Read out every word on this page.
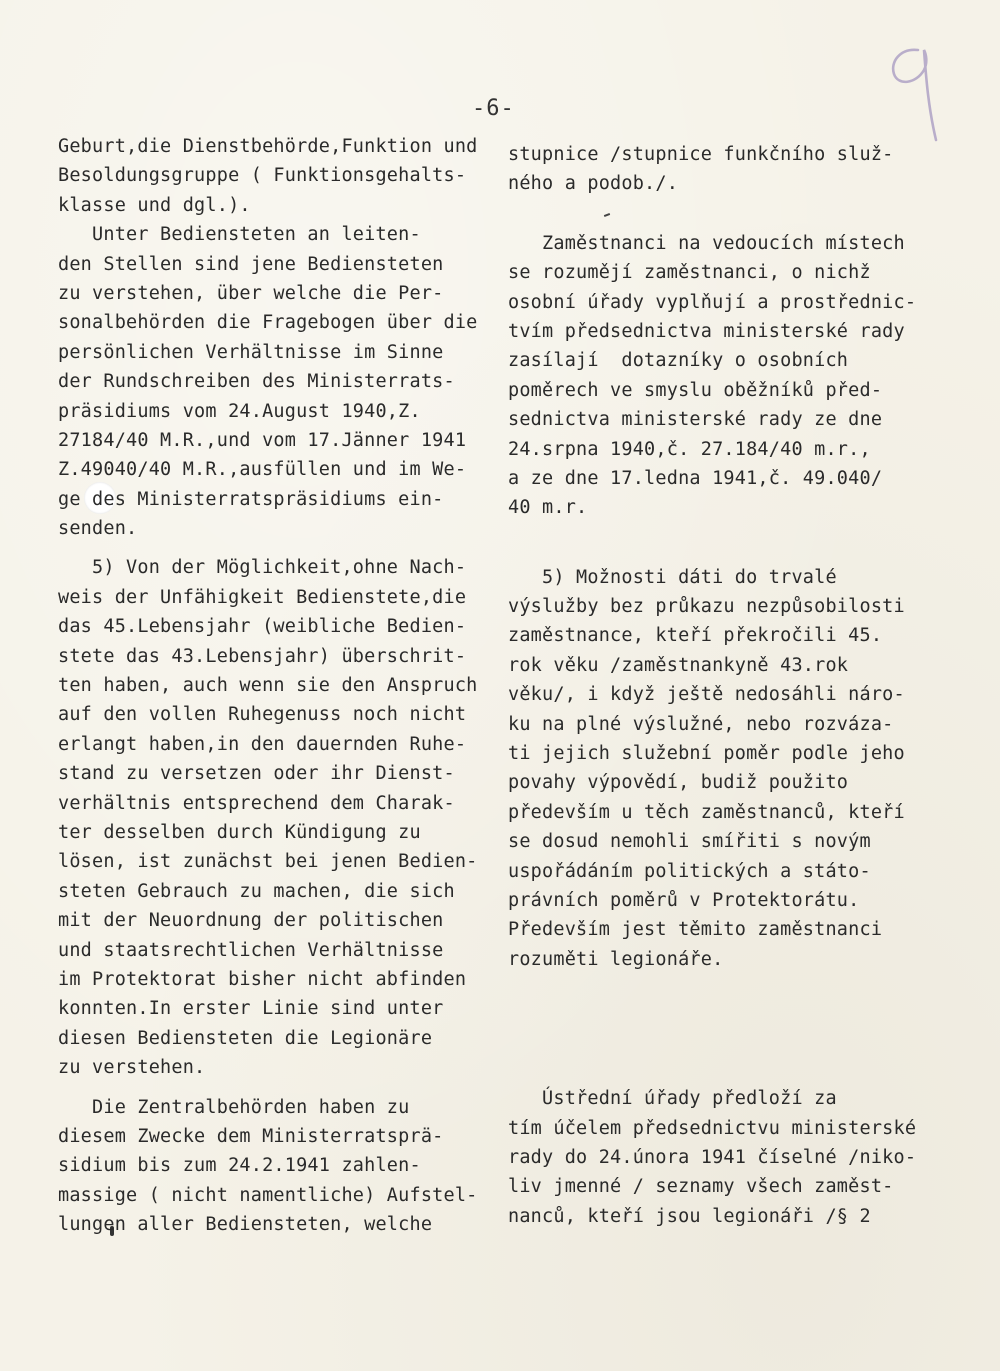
-6-
Geburt,die Dienstbehörde,Funktion und
Besoldungsgruppe ( Funktionsgehalts-
klasse und dgl.).
Unter Bediensteten an leiten-
den Stellen sind jene Bediensteten
zu verstehen, über welche die Per-
sonalbehörden die Fragebogen über die
persönlichen Verhältnisse im Sinne
der Rundschreiben des Ministerrats-
präsidiums vom 24.August 1940,Z.
27184/40 M.R.,und vom 17.Jänner 1941
Z.49040/40 M.R.,ausfüllen und im We-
ge des Ministerratspräsidiums ein-
senden.
5) Von der Möglichkeit,ohne Nach-
weis der Unfähigkeit Bedienstete,die
das 45.Lebensjahr (weibliche Bedien-
stete das 43.Lebensjahr) überschrit-
ten haben, auch wenn sie den Anspruch
auf den vollen Ruhegenuss noch nicht
erlangt haben,in den dauernden Ruhe-
stand zu versetzen oder ihr Dienst-
verhältnis entsprechend dem Charak-
ter desselben durch Kündigung zu
lösen, ist zunächst bei jenen Bedien-
steten Gebrauch zu machen, die sich
mit der Neuordnung der politischen
und staatsrechtlichen Verhältnisse
im Protektorat bisher nicht abfinden
konnten.In erster Linie sind unter
diesen Bediensteten die Legionäre
zu verstehen.
Die Zentralbehörden haben zu
diesem Zwecke dem Ministerratsprä-
sidium bis zum 24.2.1941 zahlen-
massige ( nicht namentliche) Aufstel-
lungen aller Bediensteten, welche
stupnice /stupnice funkčního služ-
ného a podob./.
Zaměstnanci na vedoucích místech
se rozumějí zaměstnanci, o nichž
osobní úřady vyplňují a prostřednic-
tvím předsednictva ministerské rady
zasílají  dotazníky o osobních
poměrech ve smyslu oběžníků před-
sednictva ministerské rady ze dne
24.srpna 1940,č. 27.184/40 m.r.,
a ze dne 17.ledna 1941,č. 49.040/
40 m.r.
5) Možnosti dáti do trvalé
výslužby bez průkazu nezpůsobilosti
zaměstnance, kteří překročili 45.
rok věku /zaměstnankyně 43.rok
věku/, i když ještě nedosáhli náro-
ku na plné výslužné, nebo rozváza-
ti jejich služební poměr podle jeho
povahy výpovědí, budiž použito
především u těch zaměstnanců, kteří
se dosud nemohli smířiti s novým
uspořádáním politických a státo-
právních poměrů v Protektorátu.
Především jest těmito zaměstnanci
rozuměti legionáře.
Ústřední úřady předloží za
tím účelem předsednictvu ministerské
rady do 24.února 1941 číselné /niko-
liv jmenné / seznamy všech zaměst-
nanců, kteří jsou legionáři /§ 2
